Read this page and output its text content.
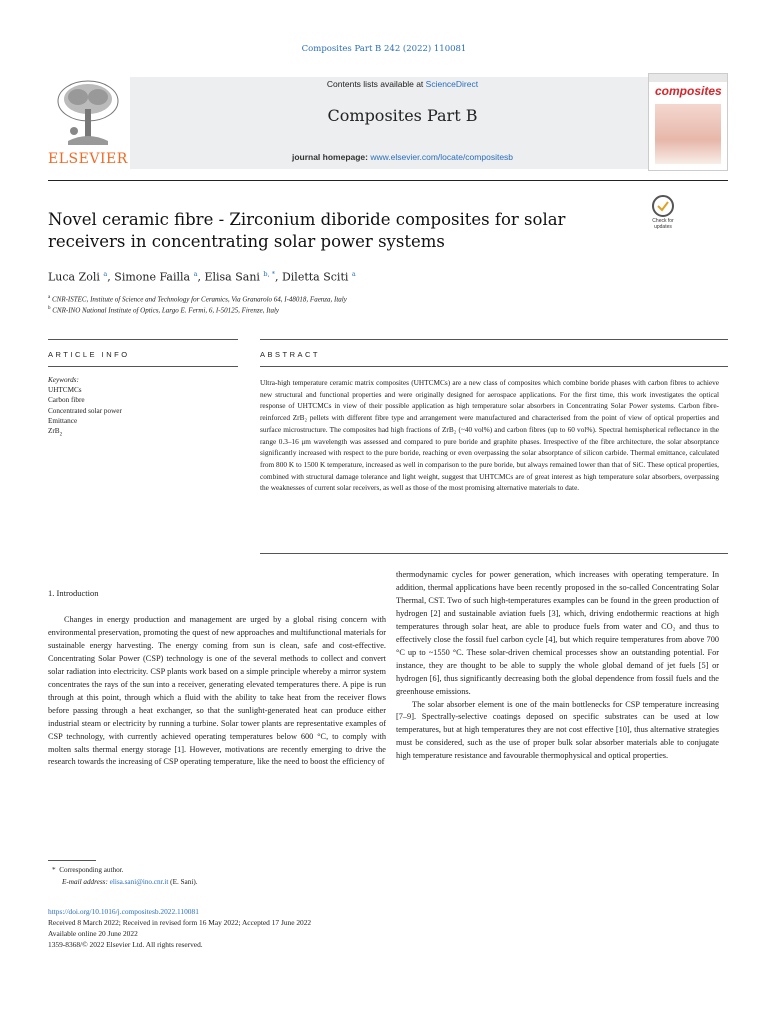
Composites Part B 242 (2022) 110081
ELSEVIER
Contents lists available at ScienceDirect
Composites Part B
journal homepage: www.elsevier.com/locate/compositesb
composites
Novel ceramic fibre - Zirconium diboride composites for solar receivers in concentrating solar power systems
Check for updates
Luca Zoli $^a$, Simone Failla $^a$, Elisa Sani $^{b, *}$, Diletta Sciti $^a$
$^a$ CNR-ISTEC, Institute of Science and Technology for Ceramics, Via Granarolo 64, I-48018, Faenza, Italy
$^b$ CNR-INO National Institute of Optics, Largo E. Fermi, 6, I-50125, Firenze, Italy
ARTICLE INFO	ABSTRACT
Keywords:
UHTCMCs
Carbon fibre
Concentrated solar power
Emittance
ZrB$_2$
Ultra-high temperature ceramic matrix composites (UHTCMCs) are a new class of composites which combine boride phases with carbon fibres to achieve new structural and functional properties and were originally designed for aerospace applications. For the first time, this work investigates the optical response of UHTCMCs in view of their possible application as high temperature solar absorbers in Concentrating Solar Power systems. Carbon fibre-reinforced ZrB₂ pellets with different fibre type and arrangement were manufactured and characterised from the point of view of optical properties and surface microstructure. The composites had high fractions of ZrB₂ (~40 vol%) and carbon fibres (up to 60 vol%). Spectral hemispherical reflectance in the range 0.3–16 μm wavelength was assessed and compared to pure boride and graphite phases. Irrespective of the fibre architecture, the solar absorptance significantly increased with respect to the pure boride, reaching or even overpassing the solar absorptance of silicon carbide. Thermal emittance, calculated from 800 K to 1500 K temperature, increased as well in comparison to the pure boride, but always remained lower than that of SiC. These optical properties, combined with structural damage tolerance and light weight, suggest that UHTCMCs are of great interest as high temperature solar absorbers, overpassing the weaknesses of current solar receivers, as well as those of the most promising alternative materials to date.
1. Introduction

Changes in energy production and management are urged by a global rising concern with environmental preservation, promoting the quest of new approaches and multifunctional materials for sustainable energy harvesting. The energy coming from sun is clean, safe and cost-effective. Concentrating Solar Power (CSP) technology is one of the several methods to collect and convert solar radiation into electricity. CSP plants work based on a simple principle whereby a mirror system concentrates the rays of the sun into a receiver, generating elevated temperatures there. A pipe is run through at this point, through which a fluid with the ability to take heat from the receiver flows before passing through a heat exchanger, so that the sunlight-generated heat can produce either industrial steam or electricity by running a turbine. Solar tower plants are representative examples of CSP technology, with currently achieved operating temperatures below 600 °C, to comply with molten salts thermal energy storage [1]. However, motivations are recently emerging to drive the research towards the increasing of CSP operating temperature, like the need to boost the efficiency of

thermodynamic cycles for power generation, which increases with operating temperature. In addition, thermal applications have been recently proposed in the so-called Concentrating Solar Thermal, CST. Two of such high-temperatures examples can be found in the green production of hydrogen [2] and sustainable aviation fuels [3], which, driving endothermic reactions at high temperatures through solar heat, are able to produce fuels from water and CO₂ and thus to effectively close the fossil fuel carbon cycle [4], but which require temperatures from above 700 °C up to ~1550 °C. These solar-driven chemical processes show an outstanding potential. For instance, they are thought to be able to supply the whole global demand of jet fuels [5] or hydrogen [6], thus significantly decreasing both the global dependence from fossil fuels and the greenhouse emissions.

The solar absorber element is one of the main bottlenecks for CSP temperature increasing [7–9]. Spectrally-selective coatings deposed on specific substrates can be used at low temperatures, but at high temperatures they are not cost effective [10], thus alternative strategies must be considered, such as the use of proper bulk solar absorber materials able to conjugate high temperature resistance and favourable thermophysical and optical properties.

* Corresponding author.
E-mail address: elisa.sani@ino.cnr.it (E. Sani).
https://doi.org/10.1016/j.compositesb.2022.110081
Received 8 March 2022; Received in revised form 16 May 2022; Accepted 17 June 2022
Available online 20 June 2022
1359-8368/© 2022 Elsevier Ltd. All rights reserved.
